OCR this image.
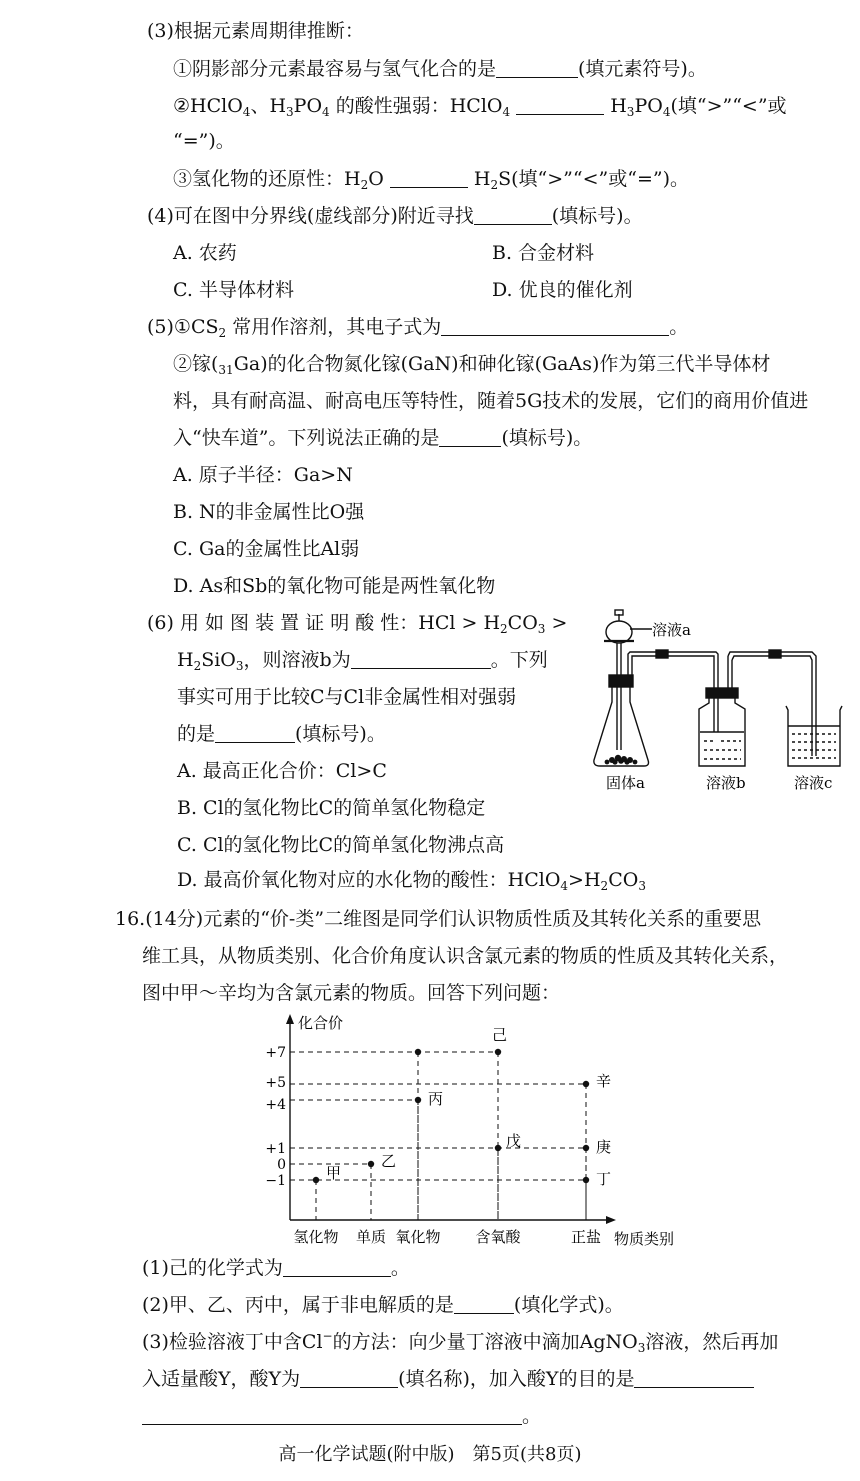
(3)根据元素周期律推断：
①阴影部分元素最容易与氢气化合的是	(填元素符号)。
②HClO$_4$、$H_3PO_4$ 的酸性强弱：HClO$_4$	$H_3PO_4$(填“>”“<”或
“=”)。
③氢化物的还原性：$H_2O$	$H_2S$(填“>”“<”或“=”)。
(4)可在图中分界线(虚线部分)附近寻找	(填标号)。
A. 农药	B. 合金材料
C. 半导体材料	D. 优良的催化剂
$(5)①CS_2$ 常用作溶剂，其电子式为	。
②镓$(_{31}Ga)$的化合物氮化镓(GaN)和砷化镓(GaAs)作为第三代半导体材
料，具有耐高温、耐高电压等特性，随着5G技术的发展，它们的商用价值进
入“快车道”。下列说法正确的是	(填标号)。
A. 原子半径：Ga>N
B. N的非金属性比O强
C. Ga的金属性比Al弱
D. As和Sb的氧化物可能是两性氧化物
(6) 用 如 图 装 置 证 明 酸 性：HCl > $H_2CO_3$ >
$H_2SiO_3$，则溶液b为	。下列
事实可用于比较C与Cl非金属性相对强弱
的是	(填标号)。
A. 最高正化合价：Cl>C
B. Cl的氢化物比C的简单氢化物稳定
C. Cl的氢化物比C的简单氢化物沸点高
D. 最高价氧化物对应的水化物的酸性：$HClO_4>H_2CO_3$
溶液a
固体a	溶液b	溶液c
16.(14分)元素的“价-类”二维图是同学们认识物质性质及其转化关系的重要思
维工具，从物质类别、化合价角度认识含氯元素的物质的性质及其转化关系，
图中甲～辛均为含氯元素的物质。回答下列问题：
化合价
物质类别
+7
+5
+4
+1
0
−1
氢化物 单质 氧化物 含氧酸	正盐
甲
乙
丙
己
戊
辛
庚
丁
(1)己的化学式为	。
(2)甲、乙、丙中，属于非电解质的是	(填化学式)。
(3)检验溶液丁中含Cl−的方法：向少量丁溶液中滴加AgNO$_3$溶液，然后再加
入适量酸Y，酸Y为	(填名称)，加入酸Y的目的是
。
高一化学试题(附中版)　第5页(共8页)
